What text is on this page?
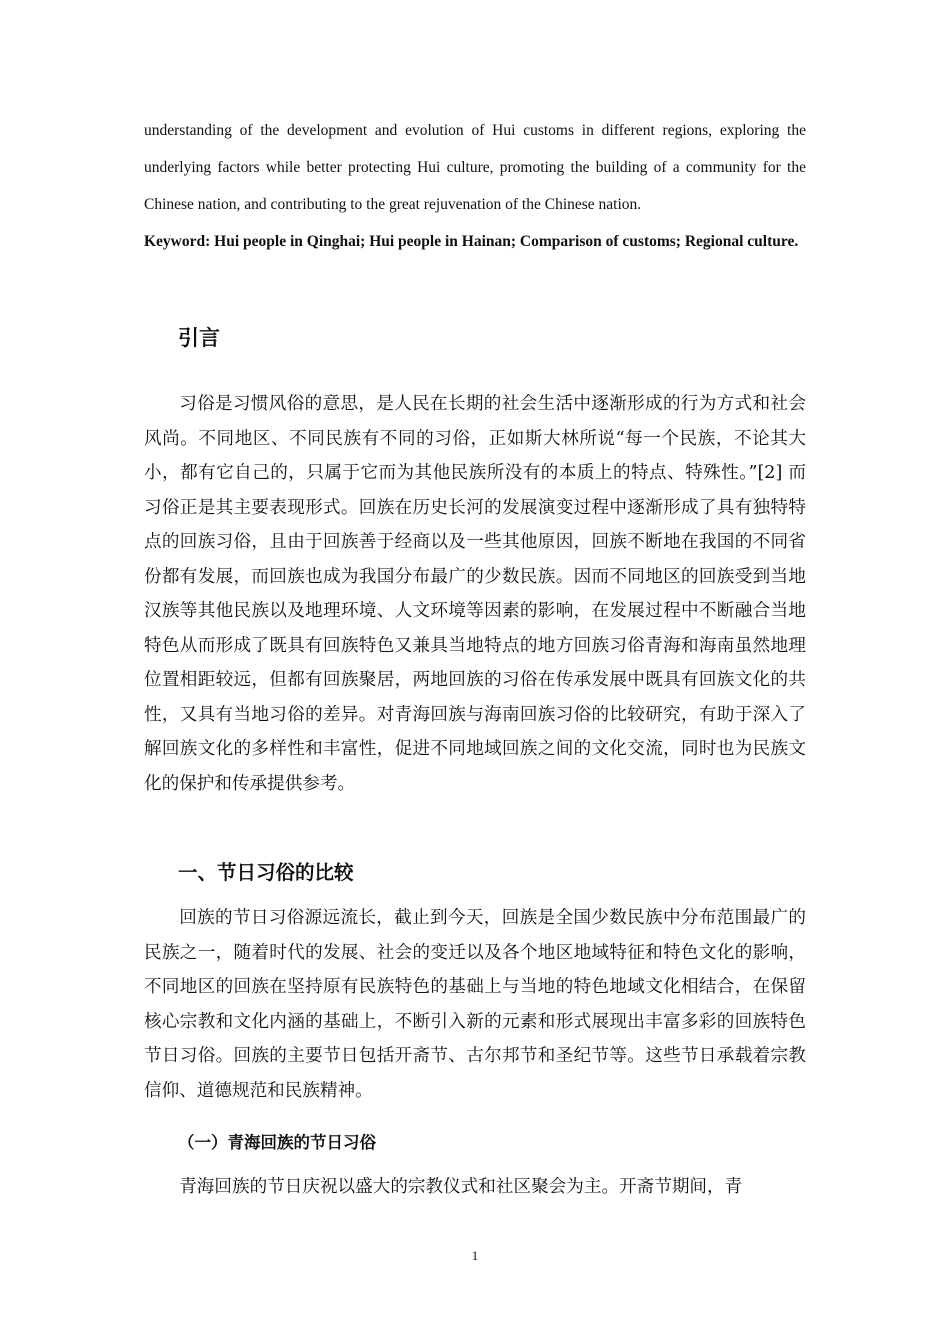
understanding of the development and evolution of Hui customs in different regions, exploring the underlying factors while better protecting Hui culture, promoting the building of a community for the Chinese nation, and contributing to the great rejuvenation of the Chinese nation.

Keyword: Hui people in Qinghai; Hui people in Hainan; Comparison of customs; Regional culture.

引言

习俗是习惯风俗的意思，是人民在长期的社会生活中逐渐形成的行为方式和社会风尚。不同地区、不同民族有不同的习俗，正如斯大林所说“每一个民族，不论其大小，都有它自己的，只属于它而为其他民族所没有的本质上的特点、特殊性。”[2] 而习俗正是其主要表现形式。回族在历史长河的发展演变过程中逐渐形成了具有独特特点的回族习俗，且由于回族善于经商以及一些其他原因，回族不断地在我国的不同省份都有发展，而回族也成为我国分布最广的少数民族。因而不同地区的回族受到当地汉族等其他民族以及地理环境、人文环境等因素的影响，在发展过程中不断融合当地特色从而形成了既具有回族特色又兼具当地特点的地方回族习俗青海和海南虽然地理位置相距较远，但都有回族聚居，两地回族的习俗在传承发展中既具有回族文化的共性，又具有当地习俗的差异。对青海回族与海南回族习俗的比较研究，有助于深入了解回族文化的多样性和丰富性，促进不同地域回族之间的文化交流，同时也为民族文化的保护和传承提供参考。

一、节日习俗的比较

回族的节日习俗源远流长，截止到今天，回族是全国少数民族中分布范围最广的民族之一，随着时代的发展、社会的变迁以及各个地区地域特征和特色文化的影响，不同地区的回族在坚持原有民族特色的基础上与当地的特色地域文化相结合，在保留核心宗教和文化内涵的基础上，不断引入新的元素和形式展现出丰富多彩的回族特色节日习俗。回族的主要节日包括开斋节、古尔邦节和圣纪节等。这些节日承载着宗教信仰、道德规范和民族精神。

（一）青海回族的节日习俗

青海回族的节日庆祝以盛大的宗教仪式和社区聚会为主。开斋节期间，青

1
